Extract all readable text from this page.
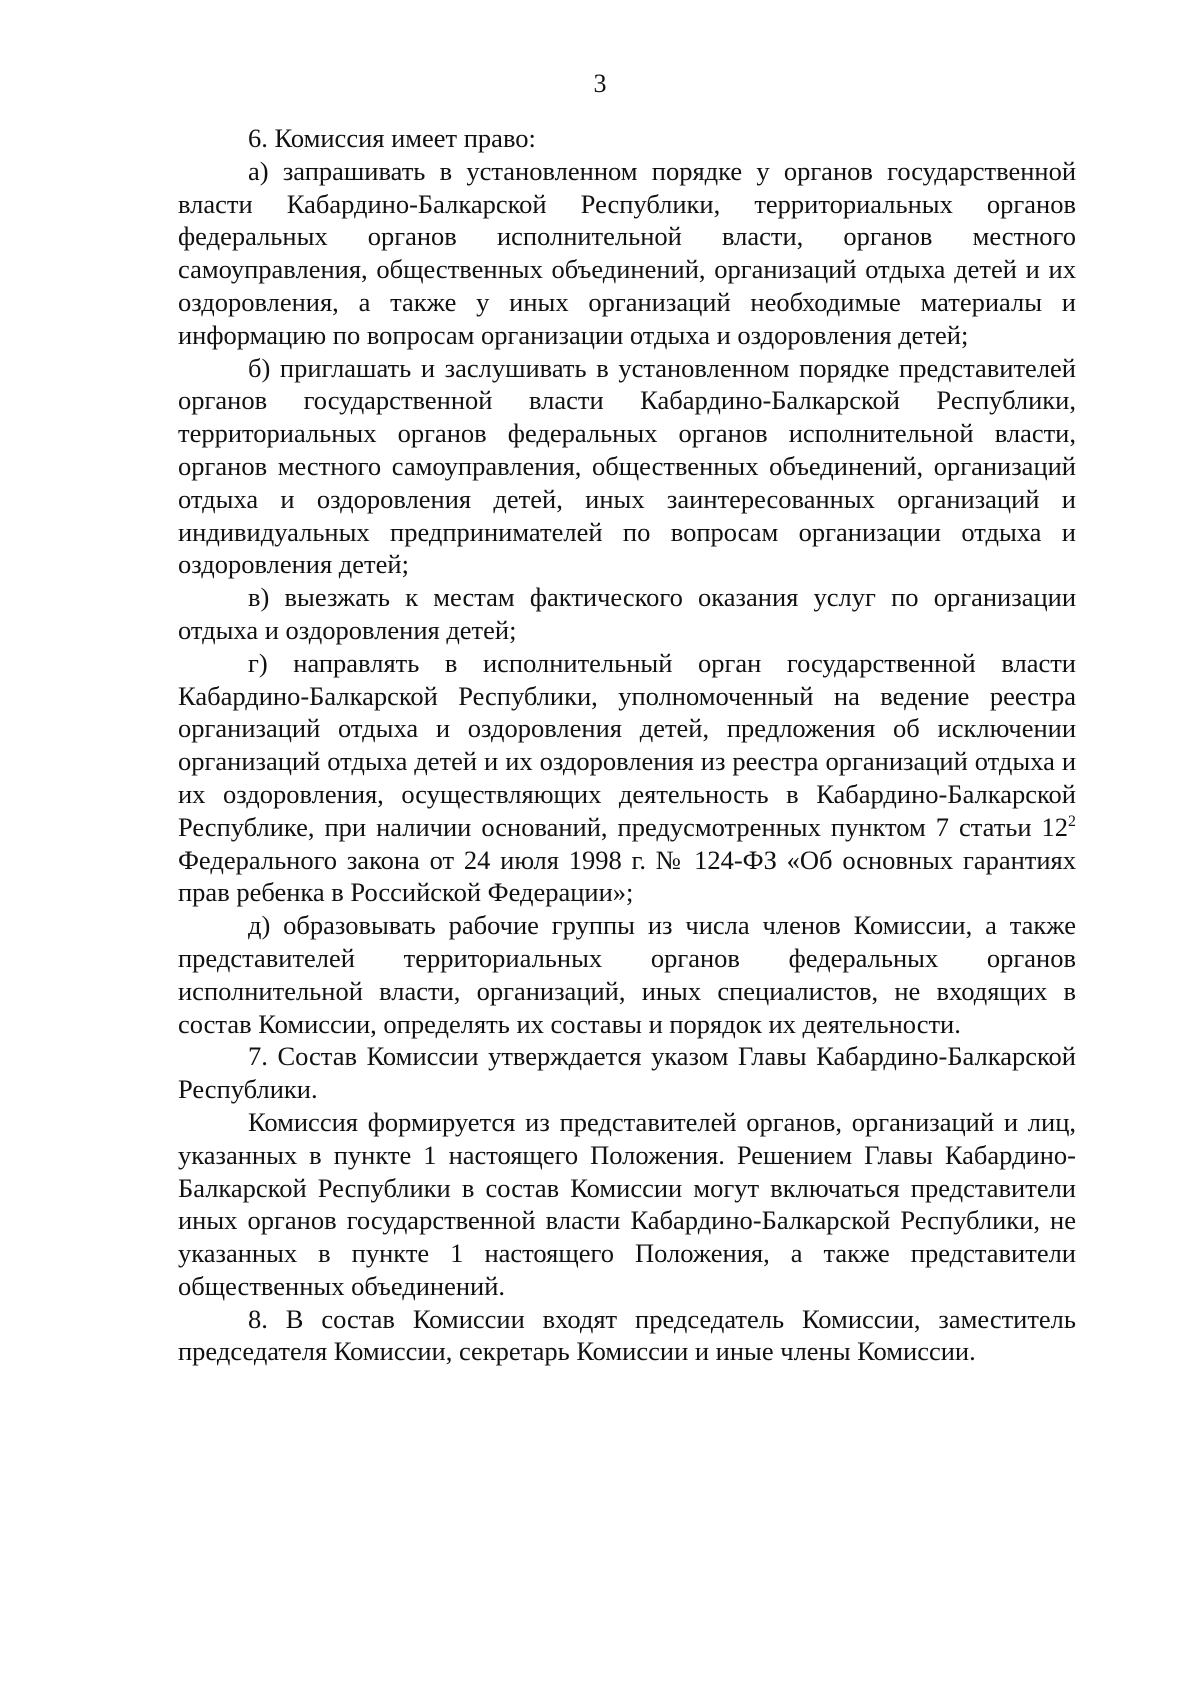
3

6. Комиссия имеет право:

а) запрашивать в установленном порядке у органов государственной власти Кабардино-Балкарской Республики, территориальных органов федеральных органов исполнительной власти, органов местного самоуправления, общественных объединений, организаций отдыха детей и их оздоровления, а также у иных организаций необходимые материалы и информацию по вопросам организации отдыха и оздоровления детей;

б) приглашать и заслушивать в установленном порядке представителей органов государственной власти Кабардино-Балкарской Республики, территориальных органов федеральных органов исполнительной власти, органов местного самоуправления, общественных объединений, организаций отдыха и оздоровления детей, иных заинтересованных организаций и индивидуальных предпринимателей по вопросам организации отдыха и оздоровления детей;

в) выезжать к местам фактического оказания услуг по организации отдыха и оздоровления детей;

г) направлять в исполнительный орган государственной власти Кабардино-Балкарской Республики, уполномоченный на ведение реестра организаций отдыха и оздоровления детей, предложения об исключении организаций отдыха детей и их оздоровления из реестра организаций отдыха и их оздоровления, осуществляющих деятельность в Кабардино-Балкарской Республике, при наличии оснований, предусмотренных пунктом 7 статьи $12^2$ Федерального закона от 24 июля 1998 г. № 124-ФЗ «Об основных гарантиях прав ребенка в Российской Федерации»;

д) образовывать рабочие группы из числа членов Комиссии, а также представителей территориальных органов федеральных органов исполнительной власти, организаций, иных специалистов, не входящих в состав Комиссии, определять их составы и порядок их деятельности.

7. Состав Комиссии утверждается указом Главы Кабардино-Балкарской Республики.

Комиссия формируется из представителей органов, организаций и лиц, указанных в пункте 1 настоящего Положения. Решением Главы Кабардино-Балкарской Республики в состав Комиссии могут включаться представители иных органов государственной власти Кабардино-Балкарской Республики, не указанных в пункте 1 настоящего Положения, а также представители общественных объединений.

8. В состав Комиссии входят председатель Комиссии, заместитель председателя Комиссии, секретарь Комиссии и иные члены Комиссии.
